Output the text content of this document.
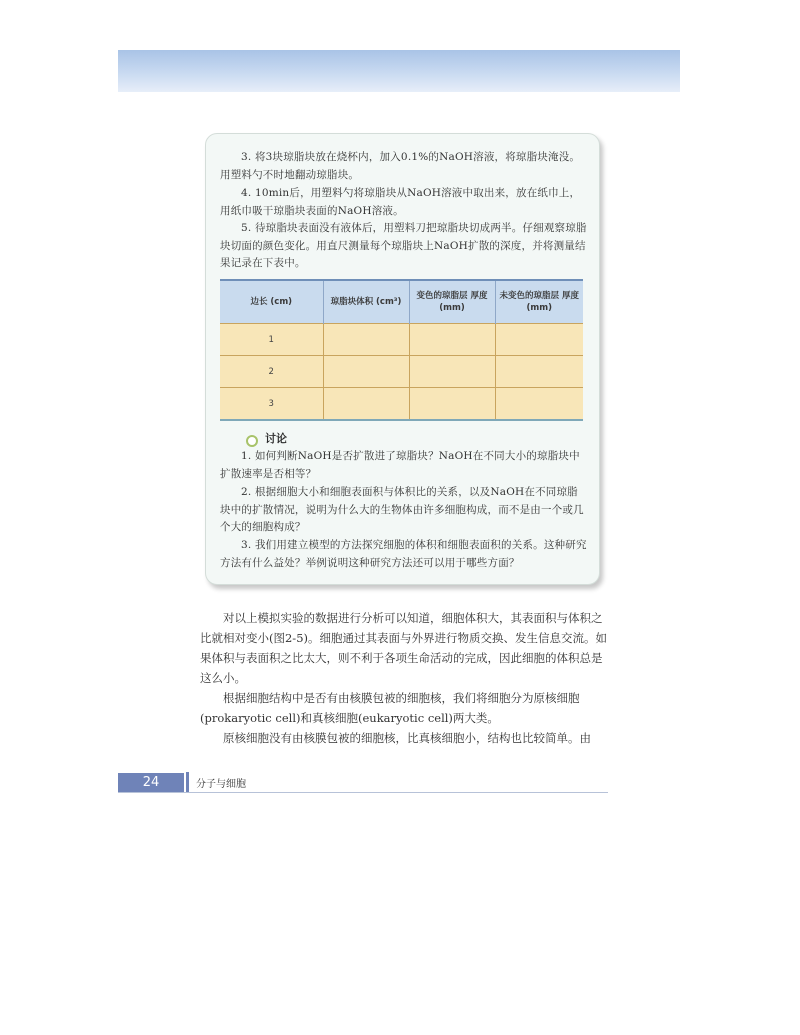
3. 将3块琼脂块放在烧杯内，加入0.1%的NaOH溶液，将琼脂块淹没。用塑料勺不时地翻动琼脂块。

4. 10min后，用塑料勺将琼脂块从NaOH溶液中取出来，放在纸巾上，用纸巾吸干琼脂块表面的NaOH溶液。

5. 待琼脂块表面没有液体后，用塑料刀把琼脂块切成两半。仔细观察琼脂块切面的颜色变化。用直尺测量每个琼脂块上NaOH扩散的深度，并将测量结果记录在下表中。

边长 (cm)	琼脂块体积 (cm³)	变色的琼脂层 厚度(mm)	未变色的琼脂层 厚度(mm)
1			
2			
3			
讨论

1. 如何判断NaOH是否扩散进了琼脂块？NaOH在不同大小的琼脂块中扩散速率是否相等？

2. 根据细胞大小和细胞表面积与体积比的关系，以及NaOH在不同琼脂块中的扩散情况，说明为什么大的生物体由许多细胞构成，而不是由一个或几个大的细胞构成？

3. 我们用建立模型的方法探究细胞的体积和细胞表面积的关系。这种研究方法有什么益处？举例说明这种研究方法还可以用于哪些方面？

对以上模拟实验的数据进行分析可以知道，细胞体积大，其表面积与体积之比就相对变小(图2-5)。细胞通过其表面与外界进行物质交换、发生信息交流。如果体积与表面积之比太大，则不利于各项生命活动的完成，因此细胞的体积总是这么小。

根据细胞结构中是否有由核膜包被的细胞核，我们将细胞分为原核细胞(prokaryotic cell)和真核细胞(eukaryotic cell)两大类。

原核细胞没有由核膜包被的细胞核，比真核细胞小，结构也比较简单。由

24	分子与细胞
